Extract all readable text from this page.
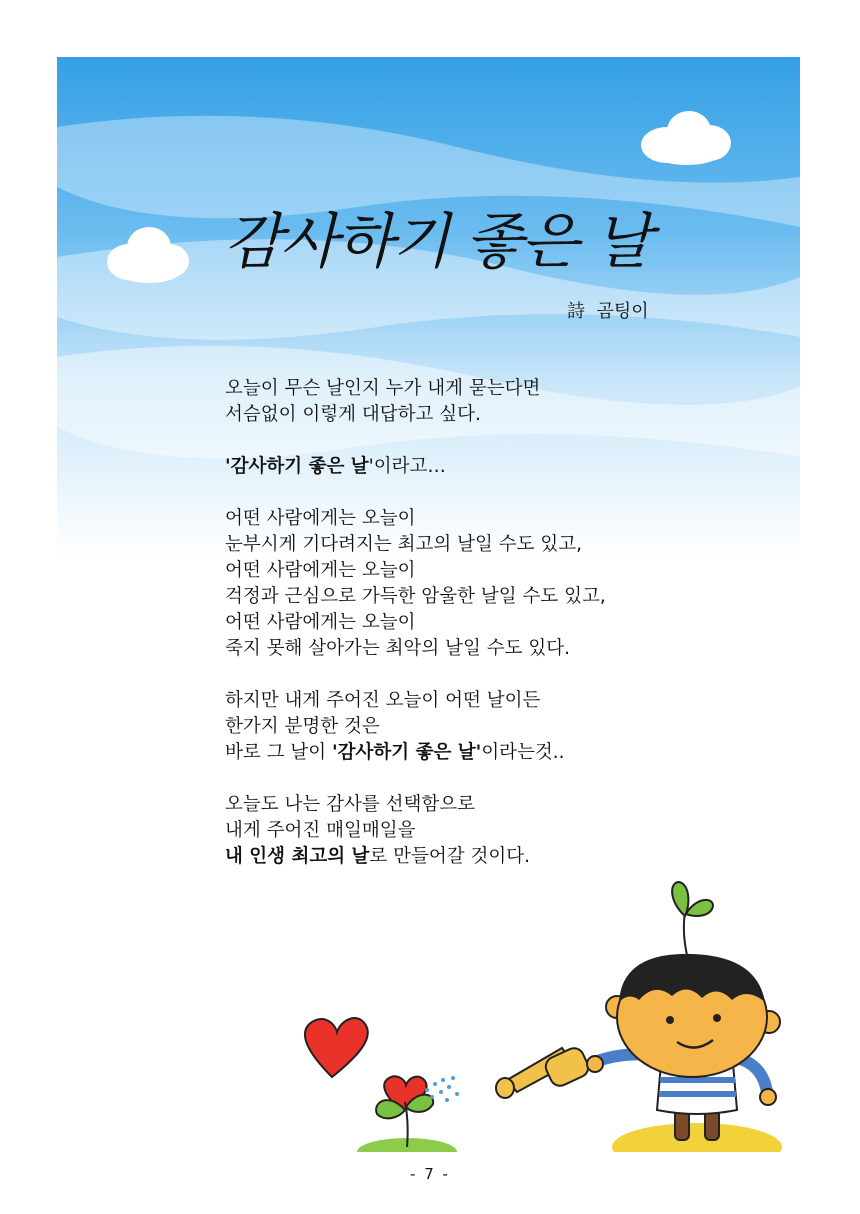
감사하기 좋은 날
詩  곰팅이
오늘이 무슨 날인지 누가 내게 묻는다면
서슴없이 이렇게 대답하고 싶다.
'감사하기 좋은 날'이라고…
어떤 사람에게는 오늘이
눈부시게 기다려지는 최고의 날일 수도 있고,
어떤 사람에게는 오늘이
걱정과 근심으로 가득한 암울한 날일 수도 있고,
어떤 사람에게는 오늘이
죽지 못해 살아가는 최악의 날일 수도 있다.
하지만 내게 주어진 오늘이 어떤 날이든
한가지 분명한 것은
바로 그 날이 '감사하기 좋은 날'이라는것..
오늘도 나는 감사를 선택함으로
내게 주어진 매일매일을
내 인생 최고의 날로 만들어갈 것이다.
- 7 -
